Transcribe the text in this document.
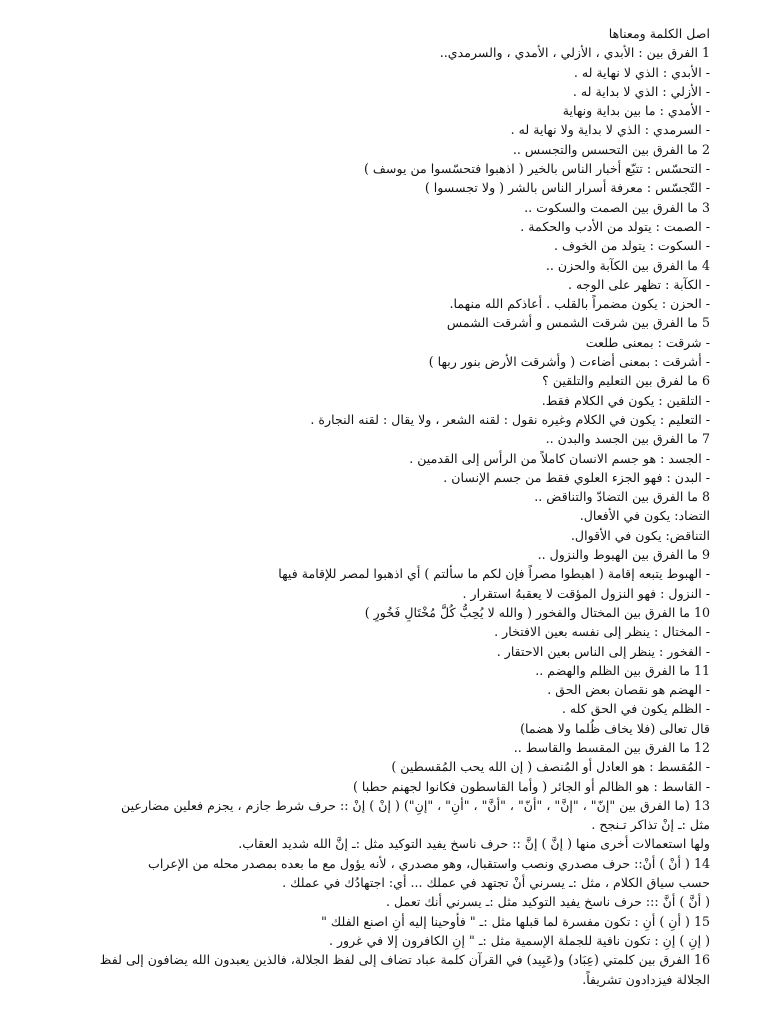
اصل الكلمة ومعناها
1 الفرق بين : الأبدي ، الأزلي ، الأمدي ، والسرمدي..
- الأبدي : الذي لا نهاية له .
- الأزلي : الذي لا بداية له .
- الأمدي : ما بين بداية ونهاية
- السرمدي : الذي لا بداية ولا نهاية له .
2 ما الفرق بين التحسس والتجسس ..
- التحسّس : تتبّع أخبار الناس بالخير ( اذهبوا فتحسّسوا من يوسف )
- التّجسّس : معرفة أسرار الناس بالشر ( ولا تجسسوا )
3 ما الفرق بين الصمت والسكوت ..
- الصمت : يتولد من الأدب والحكمة .
- السكوت : يتولد من الخوف .
4 ما الفرق بين الكآبة والحزن ..
- الكآبة : تظهر على الوجه .
- الحزن : يكون مضمراً بالقلب . أعاذكم الله منهما.
5 ما الفرق بين شرقت الشمس و أشرقت الشمس
- شرقت : بمعنى طلعت
- أشرقت : بمعنى أضاءت ( وأشرقت الأرض بنور ربها )
6 ما لفرق بين التعليم والتلقين ؟
- التلقين : يكون في الكلام فقط.
- التعليم : يكون في الكلام وغيره نقول : لقنه الشعر ، ولا يقال : لقنه النجارة .
7 ما الفرق بين الجسد والبدن ..
- الجسد : هو جسم الانسان كاملاً من الرأس إلى القدمين .
- البدن : فهو الجزء العلوي فقط من جسم الإنسان .
8 ما الفرق بين التضادّ والتناقض ..
التضاد: يكون في الأفعال.
التناقض: يكون في الأقوال.
9 ما الفرق بين الهبوط والنزول ..
- الهبوط يتبعه إقامة ( اهبطوا مصراً فإن لكم ما سألتم ) أي اذهبوا لمصر للإقامة فيها
- النزول : فهو النزول المؤقت لا يعقبهُ استقرار .
10 ما الفرق بين المختال والفخور ( والله لا يُحِبُّ كُلَّ مُخْتَالٍ فَخُورٍ )
- المختال : ينظر إلى نفسه بعين الافتخار .
- الفخور : ينظر إلى الناس بعين الاحتقار .
11 ما الفرق بين الظلم والهضم ..
- الهضم هو نقصان بعض الحق .
- الظلم يكون في الحق كله .
قال تعالى (فلا يخاف ظُلما ولا هضما)
12 ما الفرق بين المقسط والقاسط ..
- المُقسط : هو العادل أو المُنصف ( إن الله يحب المُقسطين )
- القاسط : هو الظالم أو الجائر ( وأما القاسطون فكانوا لجهنم حطبا )
13 (ما الفرق بين "إنّ" ، "إنَّ" ، "أنّ" ، "أنَّ" ، "أنِ" ، "إنِ") ( إنْ ) إنْ :: حرف شرط جازم ، يجزم فعلين مضارعين
مثل :ـ إنْ تذاكر تـنجح .
ولها استعمالات أخرى منها ( إنَّ ) إنَّ :: حرف ناسخ يفيد التوكيد مثل :ـ إنَّ الله شديد العقاب.
14 ( أنْ ) أنْ:: حرف مصدري ونصب واستقبال، وهو مصدري ، لأنه يؤول مع ما بعده بمصدر محله من الإعراب
حسب سياق الكلام ، مثل :ـ يسرني أنْ تجتهد في عملك ... أي: اجتهادُك في عملك .
( أنَّ ) أنَّ ::: حرف ناسخ يفيد التوكيد مثل :ـ يسرني أنك تعمل .
15 ( أنِ ) أنِ : تكون مفسرة لما قبلها مثل :ـ " فأوحينا إليه أنِ اصنع الفلك "
( إنِ ) إنِ : تكون نافية للجملة الإسمية مثل :ـ " إنِ الكافرون إلا في غرور .
16 الفرق بين كلمتي (عِبَاد) و(عَبِيد) في القرآن كلمة عباد تضاف إلى لفظ الجلالة، فالذين يعبدون الله يضافون إلى لفظ
الجلالة فيزدادون تشريفاً.
